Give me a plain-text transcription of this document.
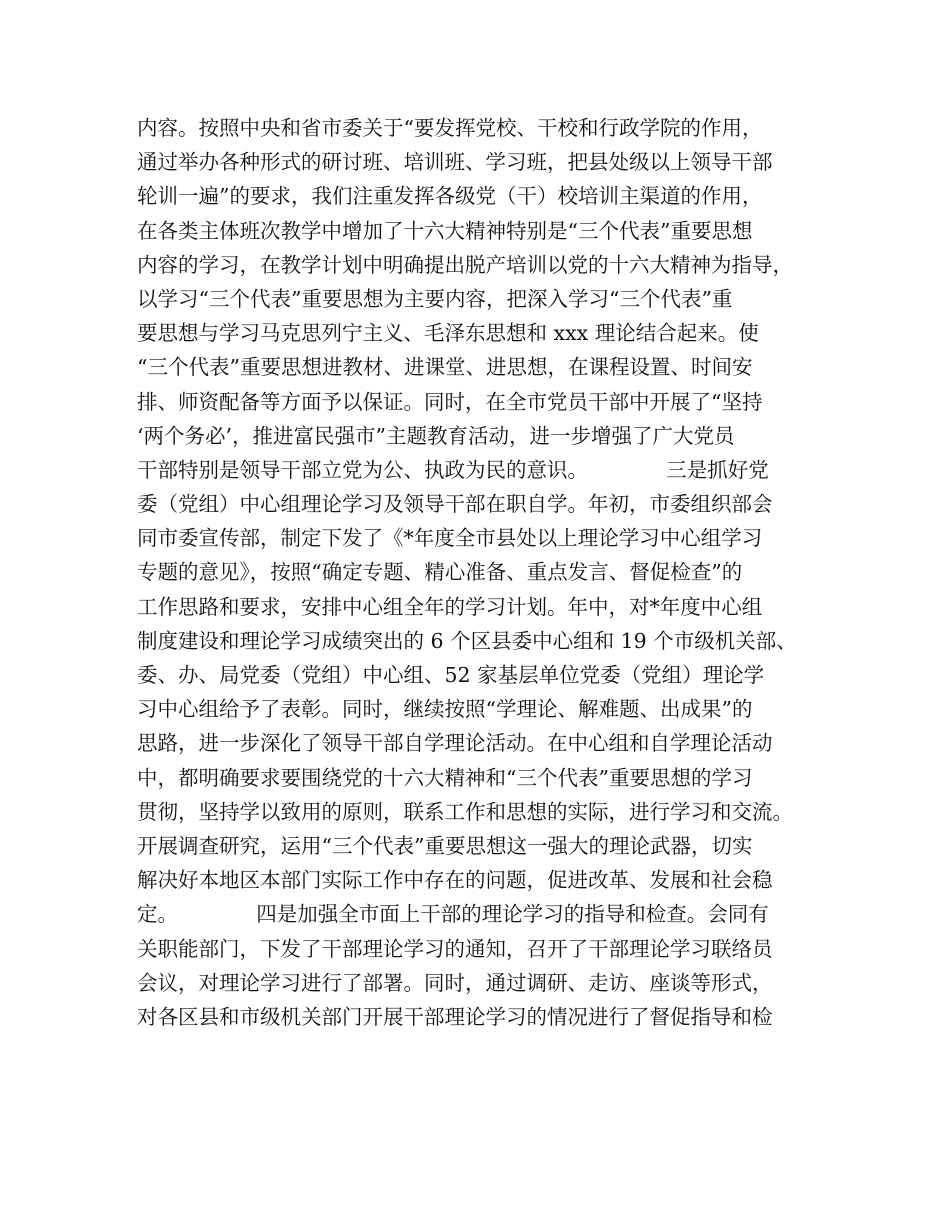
内容。按照中央和省市委关于“要发挥党校、干校和行政学院的作用，
通过举办各种形式的研讨班、培训班、学习班，把县处级以上领导干部
轮训一遍”的要求，我们注重发挥各级党（干）校培训主渠道的作用，
在各类主体班次教学中增加了十六大精神特别是“三个代表”重要思想
内容的学习，在教学计划中明确提出脱产培训以党的十六大精神为指导，
以学习“三个代表”重要思想为主要内容，把深入学习“三个代表”重
要思想与学习马克思列宁主义、毛泽东思想和 xxx 理论结合起来。使
“三个代表”重要思想进教材、进课堂、进思想，在课程设置、时间安
排、师资配备等方面予以保证。同时，在全市党员干部中开展了“坚持
‘两个务必’，推进富民强市”主题教育活动，进一步增强了广大党员
干部特别是领导干部立党为公、执政为民的意识。            三是抓好党
委（党组）中心组理论学习及领导干部在职自学。年初，市委组织部会
同市委宣传部，制定下发了《*年度全市县处以上理论学习中心组学习
专题的意见》，按照“确定专题、精心准备、重点发言、督促检查”的
工作思路和要求，安排中心组全年的学习计划。年中，对*年度中心组
制度建设和理论学习成绩突出的 6 个区县委中心组和 19 个市级机关部、
委、办、局党委（党组）中心组、52 家基层单位党委（党组）理论学
习中心组给予了表彰。同时，继续按照“学理论、解难题、出成果”的
思路，进一步深化了领导干部自学理论活动。在中心组和自学理论活动
中，都明确要求要围绕党的十六大精神和“三个代表”重要思想的学习
贯彻，坚持学以致用的原则，联系工作和思想的实际，进行学习和交流。
开展调查研究，运用“三个代表”重要思想这一强大的理论武器，切实
解决好本地区本部门实际工作中存在的问题，促进改革、发展和社会稳
定。            四是加强全市面上干部的理论学习的指导和检查。会同有
关职能部门，下发了干部理论学习的通知，召开了干部理论学习联络员
会议，对理论学习进行了部署。同时，通过调研、走访、座谈等形式，
对各区县和市级机关部门开展干部理论学习的情况进行了督促指导和检
